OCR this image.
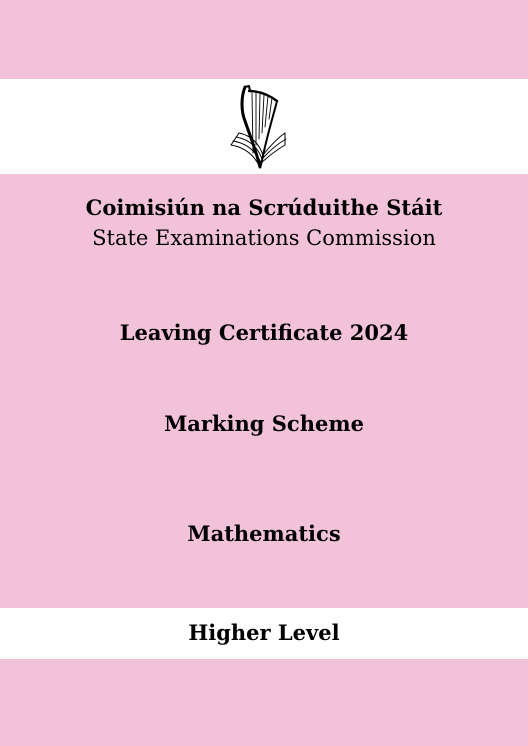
Coimisiún na Scrúduithe Stáit
State Examinations Commission
Leaving Certificate 2024
Marking Scheme
Mathematics
Higher Level
